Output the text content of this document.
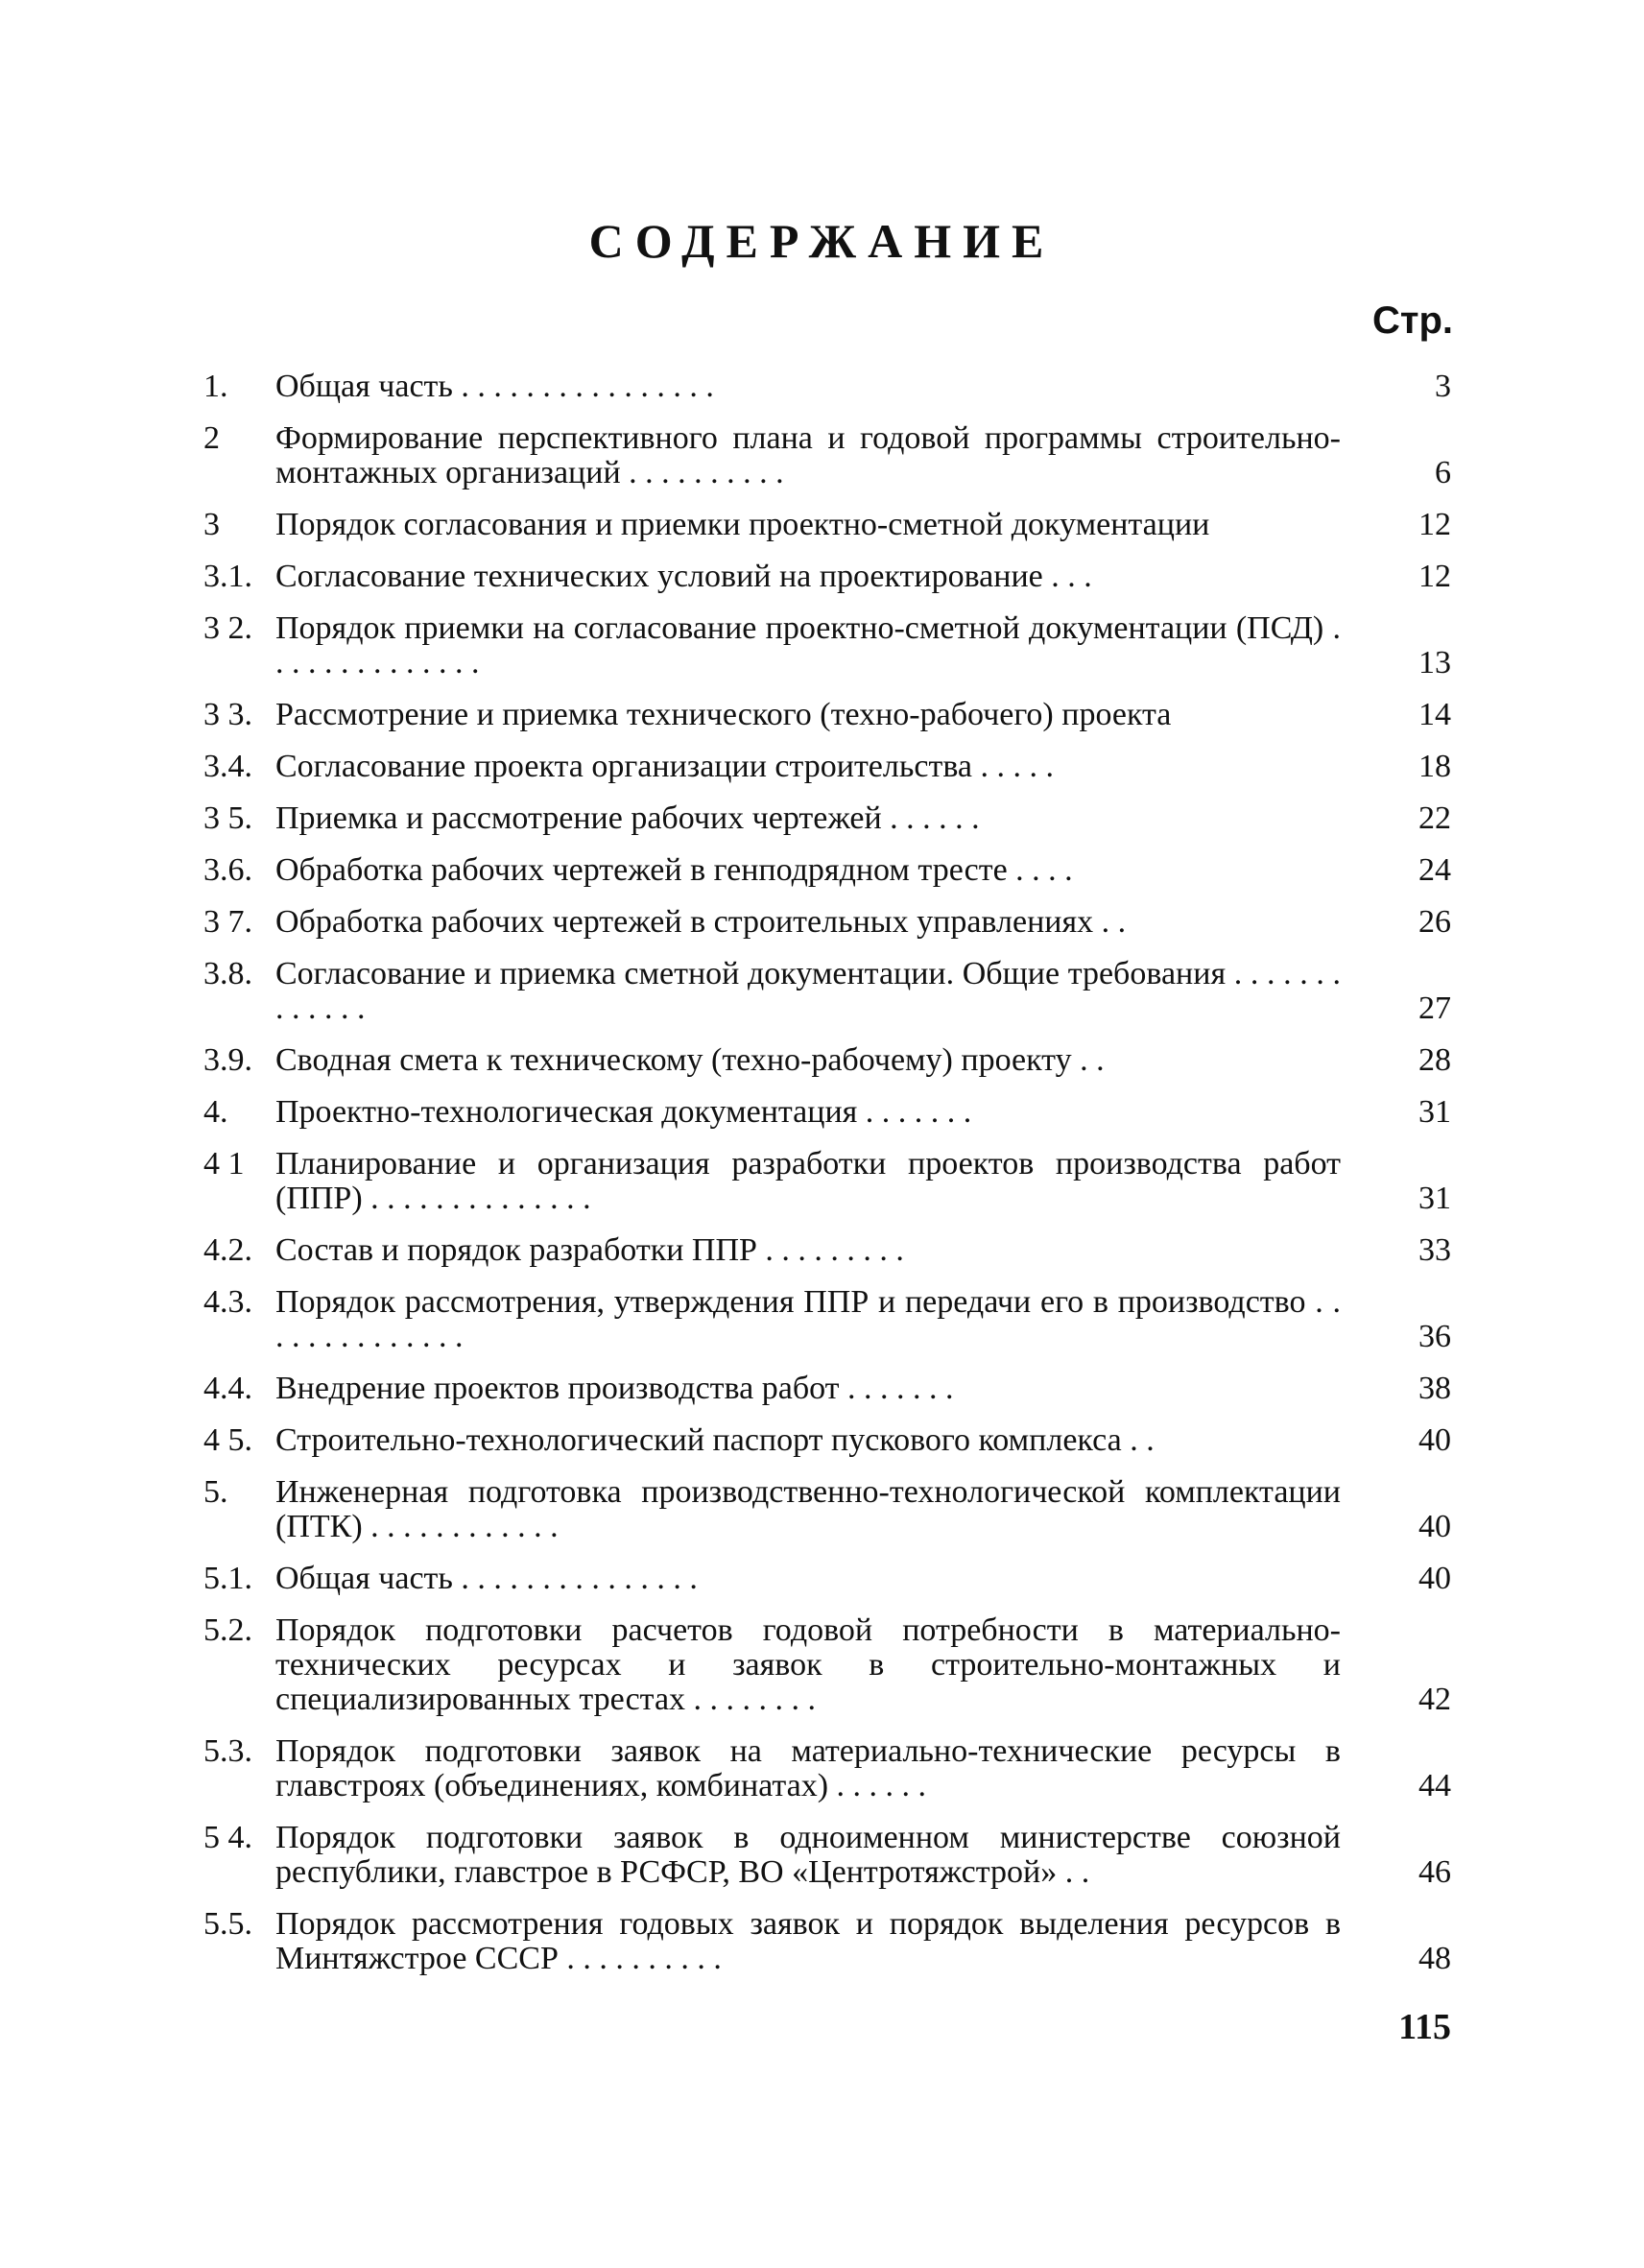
СОДЕРЖАНИЕ
Стр.
1.	Общая часть . . . . . . . . . . . . . . . .	3
2	Формирование перспективного плана и годовой программы строительно-монтажных организаций . . . . . . . . . .	6
3	Порядок согласования и приемки проектно-сметной документации	12
3.1. Согласование технических условий на проектирование . . .	12
3 2. Порядок приемки на согласование проектно-сметной документации (ПСД) . . . . . . . . . . . . . .	13
3 3. Рассмотрение и приемка технического (техно-рабочего) проекта	14
3.4. Согласование проекта организации строительства . . . . .	18
3 5. Приемка и рассмотрение рабочих чертежей . . . . . .	22
3.6. Обработка рабочих чертежей в генподрядном тресте . . . .	24
3 7. Обработка рабочих чертежей в строительных управлениях . .	26
3.8. Согласование и приемка сметной документации. Общие требования . . . . . . . . . . . . .	27
3.9. Сводная смета к техническому (техно-рабочему) проекту . .	28
4.	Проектно-технологическая документация . . . . . . .	31
4 1 Планирование и организация разработки проектов производства работ (ППР) . . . . . . . . . . . . . .	31
4.2. Состав и порядок разработки ППР . . . . . . . . .	33
4.3. Порядок рассмотрения, утверждения ППР и передачи его в производство . . . . . . . . . . . . . .	36
4.4. Внедрение проектов производства работ . . . . . . .	38
4 5. Строительно-технологический паспорт пускового комплекса . .	40
5.	Инженерная подготовка производственно-технологической комплектации (ПТК) . . . . . . . . . . . .	40
5.1. Общая часть . . . . . . . . . . . . . . .	40
5.2. Порядок подготовки расчетов годовой потребности в материально-технических ресурсах и заявок в строительно-монтажных и специализированных трестах . . . . . . . .	42
5.3. Порядок подготовки заявок на материально-технические ресурсы в главстроях (объединениях, комбинатах) . . . . . .	44
5 4. Порядок подготовки заявок в одноименном министерстве союзной республики, главстрое в РСФСР, ВО «Центротяжстрой» . .	46
5.5. Порядок рассмотрения годовых заявок и порядок выделения ресурсов в Минтяжстрое СССР . . . . . . . . . .	48
115
